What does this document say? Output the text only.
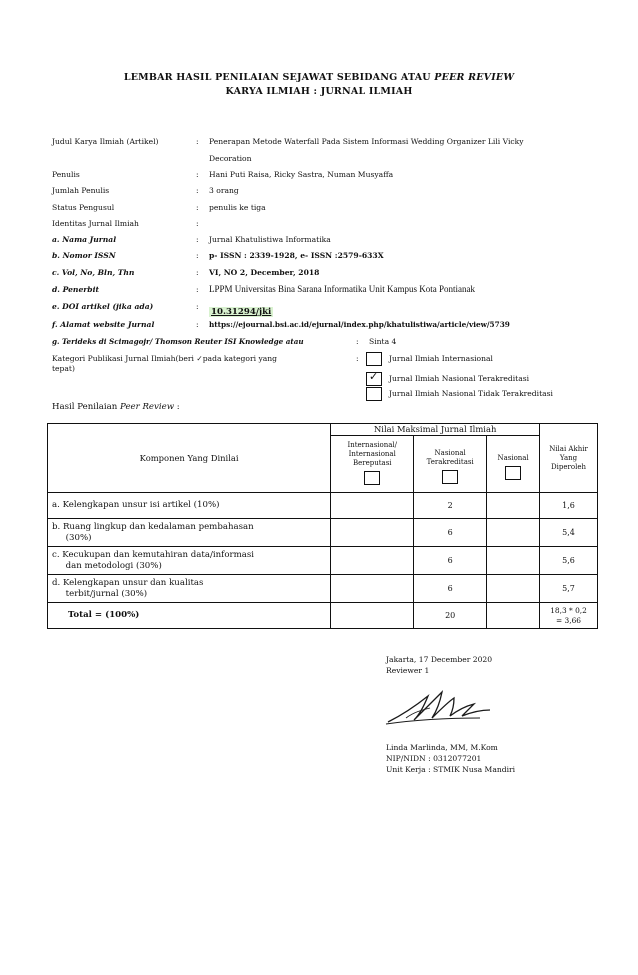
LEMBAR HASIL PENILAIAN SEJAWAT SEBIDANG ATAU PEER REVIEW
KARYA ILMIAH : JURNAL ILMIAH
Judul Karya Ilmiah (Artikel)	: Penerapan Metode Waterfall Pada Sistem Informasi Wedding Organizer Lili Vicky
Decoration
Penulis	: Hani Puti Raisa, Ricky Sastra, Numan Musyaffa
Jumlah Penulis	: 3 orang
Status Pengusul	: penulis ke tiga
Identitas Jurnal Ilmiah	:
a. Nama Jurnal	: Jurnal Khatulistiwa Informatika
b. Nomor ISSN	: p- ISSN : 2339-1928, e- ISSN :2579-633X
c. Vol, No, Bln, Thn	: VI, NO 2, December, 2018
d. Penerbit	: LPPM Universitas Bina Sarana Informatika Unit Kampus Kota Pontianak
e. DOI artikel (jika ada)	:
10.31294/jki
f. Alamat website Jurnal	: https://ejournal.bsi.ac.id/ejurnal/index.php/khatulistiwa/article/view/5739
g. Terideks di Scimagojr/ Thomson Reuter ISI Knowledge atau	: Sinta 4
Kategori Publikasi Jurnal Ilmiah(beri ✓pada kategori yang
tepat)
:	Jurnal Ilmiah Internasional
✓ Jurnal Ilmiah Nasional Terakreditasi
Jurnal Ilmiah Nasional Tidak Terakreditasi
Hasil Penilaian Peer Review :
Komponen Yang Dinilai	Nilai Maksimal Jurnal Ilmiah			Nilai Akhir Yang Diperoleh

	Internasional/ Internasional Bereputasi	Nasional Terakreditasi	Nasional	

a. Kelengkapan unsur isi artikel (10%)		2		1,6

b. Ruang lingkup dan kedalaman pembahasan
(30%)		6		5,4

c. Kecukupan dan kemutahiran data/informasi
dan metodologi (30%)		6		5,6

d. Kelengkapan unsur dan kualitas
terbit/jurnal (30%)		6		5,7
Total = (100%)		20		18,3 * 0,2
= 3,66
Jakarta, 17 December 2020
Reviewer 1
Linda Marlinda, MM, M.Kom
NIP/NIDN : 0312077201
Unit Kerja : STMIK Nusa Mandiri
